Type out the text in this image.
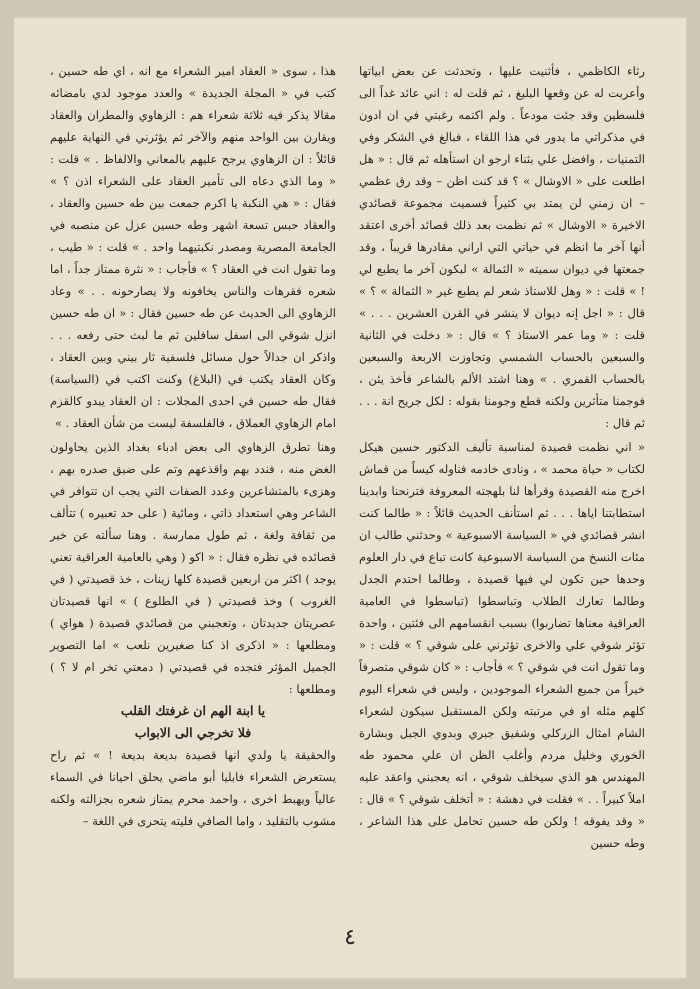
رثاء الكاظمي ، فأثنيت عليها ، وتحدثت عن بعض ابياتها وأعربت له عن وقعها البليغ ، ثم قلت له : اني عائد غداً الى فلسطين وقد جئت مودعاً . ولم اكتمه رغبتي في ان ادون في مذكراتي ما يدور في هذا اللقاء ، فبالغ في الشكر وفي التمنيات ، وافضل علي بثناء ارجو ان استأهله ثم قال : « هل اطلعت على « الاوشال » ؟ قد كنت اظن – وقد رق عظمي – ان زمني لن يمتد بي كثيراً فسميت مجموعة قصائدي الاخيرة « الاوشال » ثم نظمت بعد ذلك قصائد أخرى اعتقد أنها آخر ما انظم في حياتي التي اراني مقادرها قريباً ، وقد جمعتها في ديوان سميته « الثمالة » لبكون آخر ما يطبع لي ! » قلت : « وهل للاستاذ شعر لم يطبع غير « الثمالة » ؟ » قال : « اجل إنه ديوان لا ينشر في القرن العشرين . . . » قلت : « وما عمر الاستاذ ؟ » قال : « دخلت في الثانية والسبعين بالحساب الشمسي وتجاوزت الاربعة والسبعين بالحساب القمري . » وهنا اشتد الألم بالشاعر فأخذ يئن ، فوجمنا متأثرين ولكنه قطع وجومنا بقوله : لكل جريح انة . . . ثم قال :

« اني نظمت قصيدة لمناسبة تأليف الدكتور حسين هيكل لكتاب « حياة محمد » ، ونادى خادمه فناوله كيساً من قماش اخرج منه القصيدة وقرأها لنا بلهجته المعروفة فترنحنا وابدينا استطابتنا اياها . . . ثم استأنف الحديث قائلاً : « طالما كنت انشر قصائدي في « السياسة الاسبوعية » وحدثني طالب ان مئات النسخ من السياسة الاسبوعية كانت تباع في دار العلوم وحدها حين تكون لي فيها قصيدة ، وطالما احتدم الجدل وطالما تعارك الطلاب وتباسطوا (تباسطوا في العامية العراقية معناها تضاربوا) بسبب انقسامهم الى فئتين ، واحدة تؤثر شوقي علي والاخرى تؤثرني على شوقي ؟ » قلت : « وما تقول انت في شوقي ؟ » فأجاب : « كان شوقي متصرفاً خيراً من جميع الشعراء الموجودين ، وليس في شعراء اليوم كلهم مثله او في مرتبته ولكن المستقبل سيكون لشعراء الشام امثال الزركلي وشفيق جبري وبدوي الجبل وبشارة الخوري وخليل مردم وأغلب الظن ان علي محمود طه المهندس هو الذي سيخلف شوقي ، انه يعجبني واعقد عليه املاً كبيراً . . » فقلت في دهشة : « أتخلف شوقي ؟ » قال : « وقد يفوقه ! ولكن طه حسين تحامل على هذا الشاعر ، وطه حسين

هذا ، سوى « العقاد امير الشعراء مع انه ، اي طه حسين ، كتب في « المجلة الجديدة » والعدد موجود لدي بامضائه مقالا يذكر فيه ثلاثة شعراء هم : الزهاوي والمطران والعقاد ويقارن بين الواحد منهم والآخر ثم يؤثرني في النهاية عليهم قائلاً : ان الزهاوي يرجح عليهم بالمعاني والالفاظ . » قلت : « وما الذي دعاه الى تأمير العقاد على الشعراء اذن ؟ » فقال : « هي النكبة يا اكرم جمعت بين طه حسين والعقاد ، والعقاد حبس تسعة اشهر وطه حسين عزل عن منصبه في الجامعة المصرية ومصدر نكبتيهما واحد . » قلت : « طيب ، وما تقول انت في العقاد ؟ » فأجاب : « نثرة ممتاز جداً ، اما شعره فقرهات والناس يخافونه ولا يصارحونه . . » وعاد الزهاوي الى الحديث عن طه حسين فقال : « ان طه حسين انزل شوقي الى اسفل سافلين ثم ما لبث حتى رفعه . . . واذكر ان جدالاً حول مسائل فلسفية ثار بيني وبين العقاد ، وكان العقاد يكتب في (البلاغ) وكنت اكتب في (السياسة) فقال طه حسين في احدى المجلات : ان العقاد يبدو كالقزم امام الزهاوي العملاق ، فالفلسفة ليست من شأن العقاد . »

وهنا تطرق الزهاوي الى بعض ادباء بغداد الذين يحاولون الغض منه ، فندد بهم واقذعهم وتم على ضيق صدره بهم ، وهزىء بالمتشاعرين وعدد الصفات التي يجب ان تتوافر في الشاعر وهي استعداد ذاتي ، ومائية ( على حد تعبيره ) تتألف من ثقافة ولغة ، ثم طول ممارسة . وهنا سألته عن خير قصائده في نظره فقال : « اكو ( وهي بالعامية العراقية تعني يوجد ) اكثر من اربعين قصيدة كلها زينات ، خذ قصيدتي ( في الغروب ) وخذ قصيدتي ( في الطلوع ) » انها قصيدتان عصريتان جديدتان ، وتعجبني من قصائدي قصيدة ( هواي ) ومطلعها : « اذكرى اذ كنا صغيرين نلعب » اما التصوير الجميل المؤثر فتجده في قصيدتي ( دمعتي تخر ام لا ؟ ) ومطلعها :

يا ابنة الهم ان غرفتك القلب
فلا تخرجي الى الابواب

والحقيقة يا ولدي انها قصيدة بديعة بديعة ! » ثم راح يستعرض الشعراء فابليا أبو ماضي يحلق احيانا في السماء عالياً ويهبط اخرى ، واحمد محرم يمتاز شعره بجزالته ولكنه مشوب بالتقليد ، واما الصافي فليته يتحرى في اللغة –

٤
